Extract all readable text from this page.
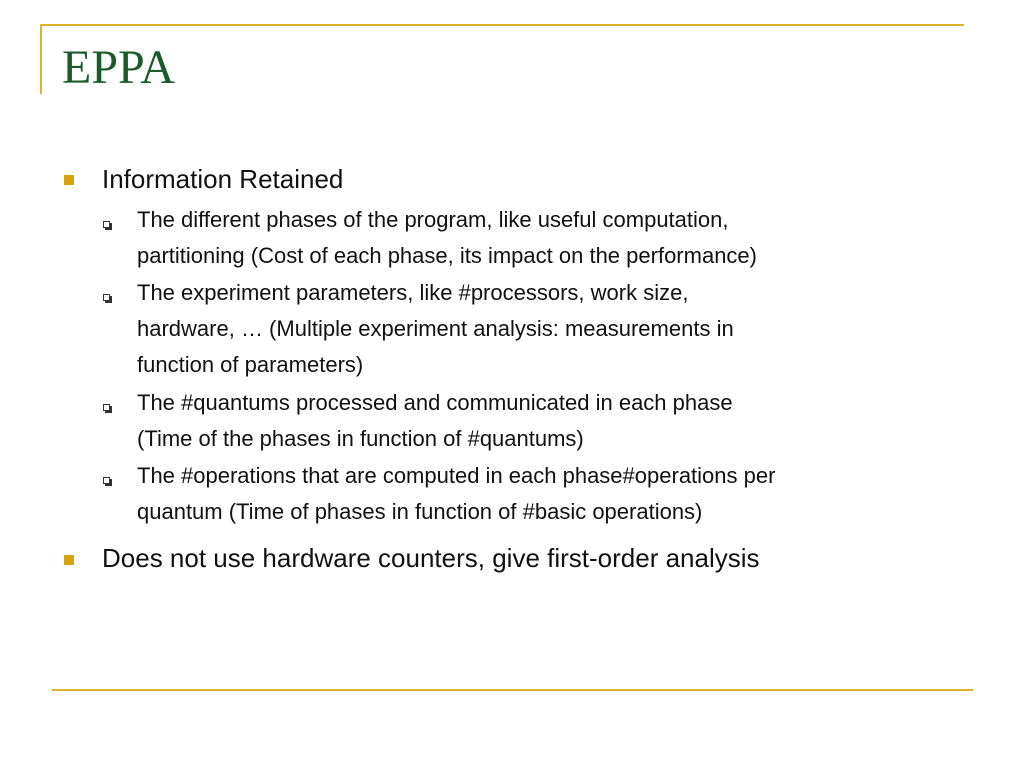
EPPA
Information Retained
The different phases of the program, like useful computation,
partitioning (Cost of each phase, its impact on the performance)
The experiment parameters, like #processors, work size,
hardware, … (Multiple experiment analysis: measurements in
function of parameters)
The #quantums processed and communicated in each phase
(Time of the phases in function of #quantums)
The #operations that are computed in each phase#operations per
quantum (Time of phases in function of #basic operations)
Does not use hardware counters, give first-order analysis
